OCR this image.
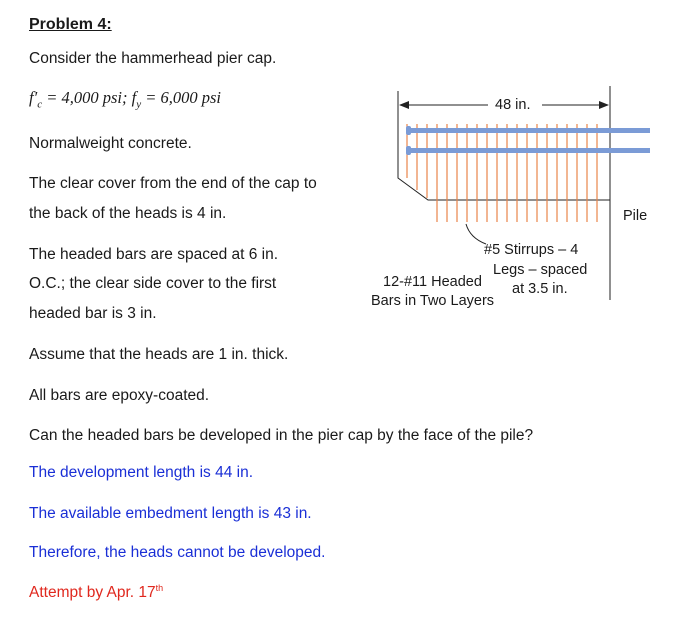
Problem 4:
Consider the hammerhead pier cap.
$f'_c = 4,000$ psi; $f_y = 6,000$ psi
Normalweight concrete.
The clear cover from the end of the cap to
the back of the heads is 4 in.
The headed bars are spaced at 6 in.
O.C.; the clear side cover to the first
headed bar is 3 in.
Assume that the heads are 1 in. thick.
All bars are epoxy-coated.
Can the headed bars be developed in the pier cap by the face of the pile?
The development length is 44 in.
The available embedment length is 43 in.
Therefore, the heads cannot be developed.
Attempt by Apr. 17th
48 in.
Pile
#5 Stirrups – 4
Legs – spaced
at 3.5 in.
12-#11 Headed
Bars in Two Layers
